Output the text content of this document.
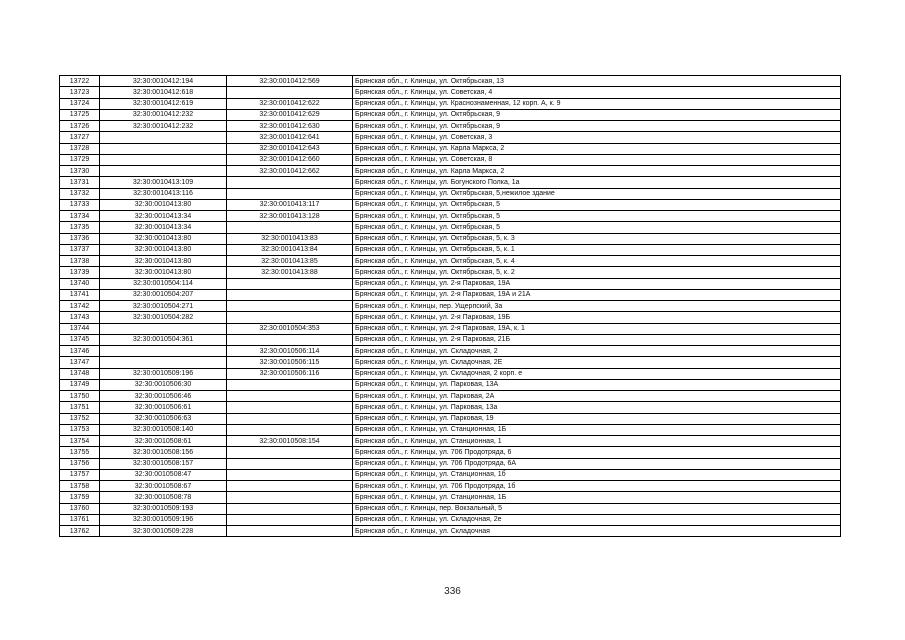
13722	32:30:0010412:194	32:30:0010412:569	Брянская обл., г. Клинцы, ул. Октябрьская, 13
13723	32:30:0010412:618		Брянская обл., г. Клинцы, ул. Советская, 4
13724	32:30:0010412:619	32:30:0010412:622	Брянская обл., г. Клинцы, ул. Краснознаменная, 12 корп. А, к. 9
13725	32:30:0010412:232	32:30:0010412:629	Брянская обл., г. Клинцы, ул. Октябрьская, 9
13726	32:30:0010412:232	32:30:0010412:630	Брянская обл., г. Клинцы, ул. Октябрьская, 9
13727		32:30:0010412:641	Брянская обл., г. Клинцы, ул. Советская, 3
13728		32:30:0010412:643	Брянская обл., г. Клинцы, ул. Карла Маркса, 2
13729		32:30:0010412:660	Брянская обл., г. Клинцы, ул. Советская, 8
13730		32:30:0010412:662	Брянская обл., г. Клинцы, ул. Карла Маркса, 2
13731	32:30:0010413:109		Брянская обл., г. Клинцы, ул. Богунского Полка, 1а
13732	32:30:0010413:116		Брянская обл., г. Клинцы, ул. Октябрьская, 5,нежилое здание
13733	32:30:0010413:80	32:30:0010413:117	Брянская обл., г. Клинцы, ул. Октябрьская, 5
13734	32:30:0010413:34	32:30:0010413:128	Брянская обл., г. Клинцы, ул. Октябрьская, 5
13735	32:30:0010413:34		Брянская обл., г. Клинцы, ул. Октябрьская, 5
13736	32:30:0010413:80	32:30:0010413:83	Брянская обл., г. Клинцы, ул. Октябрьская, 5, к. 3
13737	32:30:0010413:80	32:30:0010413:84	Брянская обл., г. Клинцы, ул. Октябрьская, 5, к. 1
13738	32:30:0010413:80	32:30:0010413:85	Брянская обл., г. Клинцы, ул. Октябрьская, 5, к. 4
13739	32:30:0010413:80	32:30:0010413:88	Брянская обл., г. Клинцы, ул. Октябрьская, 5, к. 2
13740	32:30:0010504:114		Брянская обл., г. Клинцы, ул. 2-я Парковая, 19А
13741	32:30:0010504:207		Брянская обл., г. Клинцы, ул. 2-я Парковая, 19А и 21А
13742	32:30:0010504:271		Брянская обл., г. Клинцы, пер. Ущерпский, 3а
13743	32:30:0010504:282		Брянская обл., г. Клинцы, ул. 2-я Парковая, 19Б
13744		32:30:0010504:353	Брянская обл., г. Клинцы, ул. 2-я Парковая, 19А, к. 1
13745	32:30:0010504:361		Брянская обл., г. Клинцы, ул. 2-я Парковая, 21Б
13746		32:30:0010506:114	Брянская обл., г. Клинцы, ул. Складочная, 2
13747		32:30:0010506:115	Брянская обл., г. Клинцы, ул. Складочная, 2Е
13748	32:30:0010509:196	32:30:0010506:116	Брянская обл., г. Клинцы, ул. Складочная, 2 корп. е
13749	32:30:0010506:30		Брянская обл., г. Клинцы, ул. Парковая, 13А
13750	32:30:0010506:46		Брянская обл., г. Клинцы, ул. Парковая, 2А
13751	32:30:0010506:61		Брянская обл., г. Клинцы, ул. Парковая, 13а
13752	32:30:0010506:63		Брянская обл., г. Клинцы, ул. Парковая, 19
13753	32:30:0010508:140		Брянская обл., г. Клинцы, ул. Станционная, 1Б
13754	32:30:0010508:61	32:30:0010508:154	Брянская обл., г. Клинцы, ул. Станционная, 1
13755	32:30:0010508:156		Брянская обл., г. Клинцы, ул. 706 Продотряда, 6
13756	32:30:0010508:157		Брянская обл., г. Клинцы, ул. 706 Продотряда, 6А
13757	32:30:0010508:47		Брянская обл., г. Клинцы, ул. Станционная, 1б
13758	32:30:0010508:67		Брянская обл., г. Клинцы, ул. 706 Продотряда, 1б
13759	32:30:0010508:78		Брянская обл., г. Клинцы, ул. Станционная, 1Б
13760	32:30:0010509:193		Брянская обл., г. Клинцы, пер. Вокзальный, 5
13761	32:30:0010509:196		Брянская обл., г. Клинцы, ул. Складочная, 2е
13762	32:30:0010509:228		Брянская обл., г. Клинцы, ул. Складочная
336
